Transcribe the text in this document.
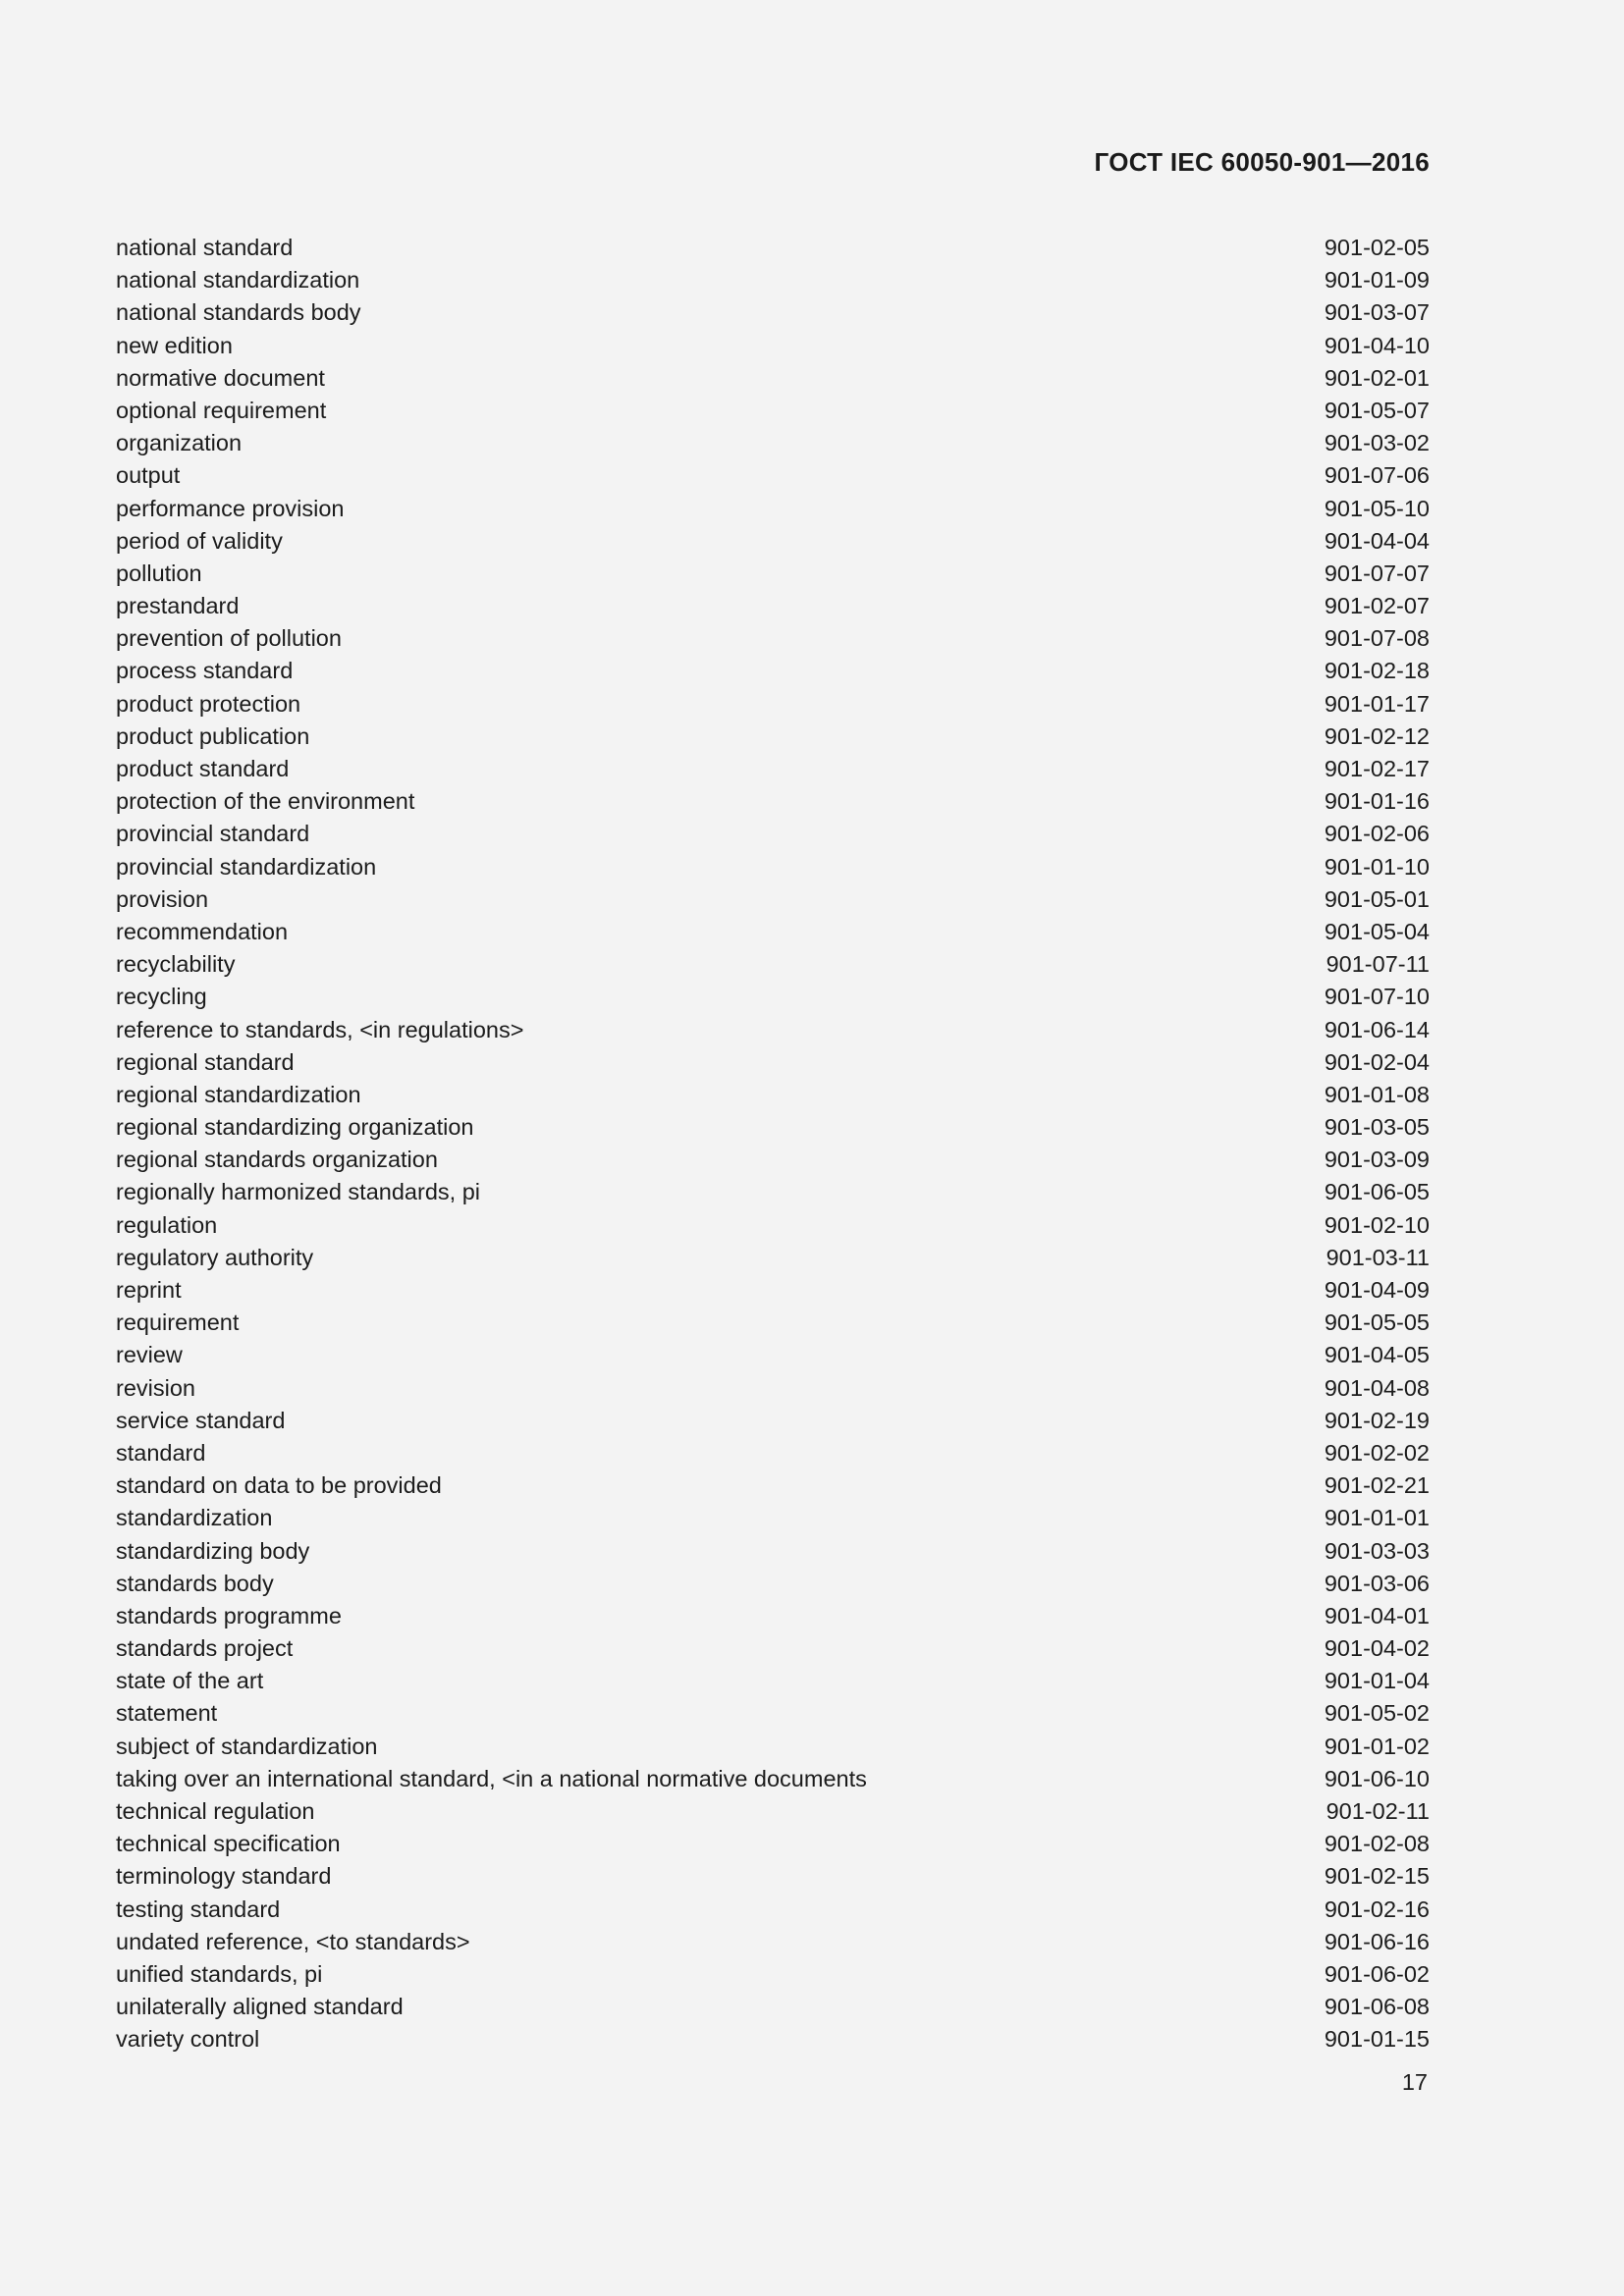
ГОСТ IEC 60050-901—2016
national standard	901-02-05
national standardization	901-01-09
national standards body	901-03-07
new edition	901-04-10
normative document	901-02-01
optional requirement	901-05-07
organization	901-03-02
output	901-07-06
performance provision	901-05-10
period of validity	901-04-04
pollution	901-07-07
prestandard	901-02-07
prevention of pollution	901-07-08
process standard	901-02-18
product protection	901-01-17
product publication	901-02-12
product standard	901-02-17
protection of the environment	901-01-16
provincial standard	901-02-06
provincial standardization	901-01-10
provision	901-05-01
recommendation	901-05-04
recyclability	901-07-11
recycling	901-07-10
reference to standards, <in regulations>	901-06-14
regional standard	901-02-04
regional standardization	901-01-08
regional standardizing organization	901-03-05
regional standards organization	901-03-09
regionally harmonized standards, pi	901-06-05
regulation	901-02-10
regulatory authority	901-03-11
reprint	901-04-09
requirement	901-05-05
review	901-04-05
revision	901-04-08
service standard	901-02-19
standard	901-02-02
standard on data to be provided	901-02-21
standardization	901-01-01
standardizing body	901-03-03
standards body	901-03-06
standards programme	901-04-01
standards project	901-04-02
state of the art	901-01-04
statement	901-05-02
subject of standardization	901-01-02
taking over an international standard, <in a national normative documents	901-06-10
technical regulation	901-02-11
technical specification	901-02-08
terminology standard	901-02-15
testing standard	901-02-16
undated reference, <to standards>	901-06-16
unified standards, pi	901-06-02
unilaterally aligned standard	901-06-08
variety control	901-01-15
17
